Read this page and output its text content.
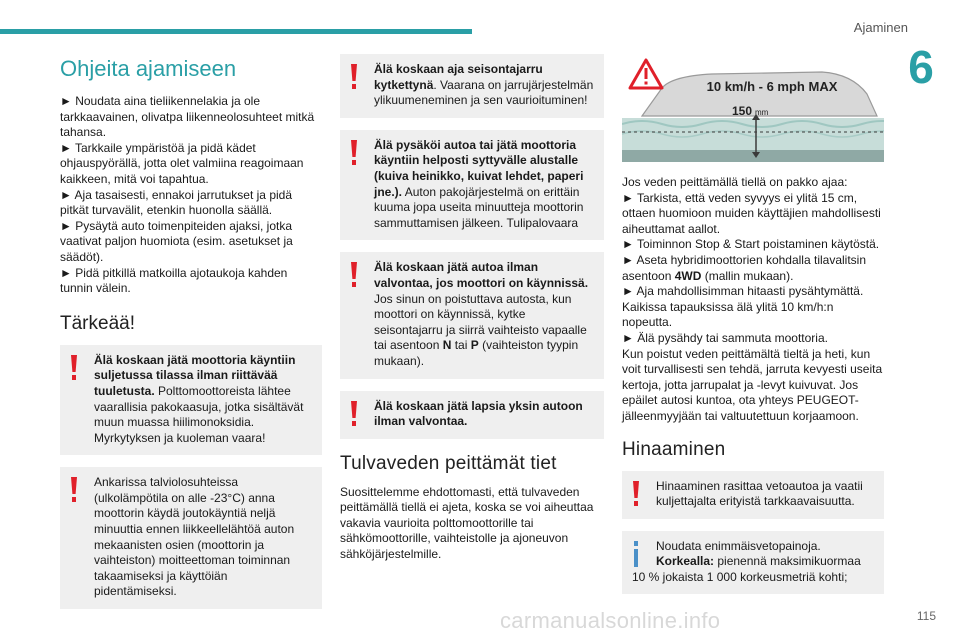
Ajaminen
6
Ohjeita ajamiseen

► Noudata aina tieliikennelakia ja ole tarkkaavainen, olivatpa liikenneolosuhteet mitkä tahansa.

► Tarkkaile ympäristöä ja pidä kädet ohjauspyörällä, jotta olet valmiina reagoimaan kaikkeen, mitä voi tapahtua.

► Aja tasaisesti, ennakoi jarrutukset ja pidä pitkät turvavälit, etenkin huonolla säällä.

► Pysäytä auto toimenpiteiden ajaksi, jotka vaativat paljon huomiota (esim. asetukset ja säädöt).

► Pidä pitkillä matkoilla ajotaukoja kahden tunnin välein.

Tärkeää!

Älä koskaan jätä moottoria käyntiin suljetussa tilassa ilman riittävää tuuletusta. Polttomoottoreista lähtee vaarallisia pakokaasuja, jotka sisältävät muun muassa hiilimonoksidia. Myrkytyksen ja kuoleman vaara!

Ankarissa talviolosuhteissa (ulkolämpötila on alle -23°C) anna moottorin käydä joutokäyntiä neljä minuuttia ennen liikkeellelähtöä auton mekaanisten osien (moottorin ja vaihteiston) moitteettoman toiminnan takaamiseksi ja käyttöiän pidentämiseksi.

Älä koskaan aja seisontajarru kytkettynä. Vaarana on jarrujärjestelmän ylikuumeneminen ja sen vaurioituminen!

Älä pysäköi autoa tai jätä moottoria käyntiin helposti syttyvälle alustalle (kuiva heinikko, kuivat lehdet, paperi jne.). Auton pakojärjestelmä on erittäin kuuma jopa useita minuutteja moottorin sammuttamisen jälkeen. Tulipalovaara

Älä koskaan jätä autoa ilman valvontaa, jos moottori on käynnissä. Jos sinun on poistuttava autosta, kun moottori on käynnissä, kytke seisontajarru ja siirrä vaihteisto vapaalle tai asentoon N tai P (vaihteiston tyypin mukaan).

Älä koskaan jätä lapsia yksin autoon ilman valvontaa.

Tulvaveden peittämät tiet

Suosittelemme ehdottomasti, että tulvaveden peittämällä tiellä ei ajeta, koska se voi aiheuttaa vakavia vaurioita polttomoottorille tai sähkömoottorille, vaihteistolle ja ajoneuvon sähköjärjestelmille.

10 km/h - 6 mph MAX
150 mm

Jos veden peittämällä tiellä on pakko ajaa:

► Tarkista, että veden syvyys ei ylitä 15 cm, ottaen huomioon muiden käyttäjien mahdollisesti aiheuttamat aallot.

► Toiminnon Stop & Start poistaminen käytöstä.

► Aseta hybridimoottorien kohdalla tilavalitsin asentoon 4WD (mallin mukaan).

► Aja mahdollisimman hitaasti pysähtymättä. Kaikissa tapauksissa älä ylitä 10 km/h:n nopeutta.

► Älä pysähdy tai sammuta moottoria.

Kun poistut veden peittämältä tieltä ja heti, kun voit turvallisesti sen tehdä, jarruta kevyesti useita kertoja, jotta jarrupalat ja -levyt kuivuvat. Jos epäilet autosi kuntoa, ota yhteys PEUGEOT-jälleenmyyjään tai valtuutettuun korjaamoon.

Hinaaminen

Hinaaminen rasittaa vetoautoa ja vaatii kuljettajalta erityistä tarkkaavaisuutta.

Noudata enimmäisvetopainoja.

Korkealla: pienennä maksimikuormaa 10 % jokaista 1 000 korkeusmetriä kohti;

carmanualsonline.info	115
